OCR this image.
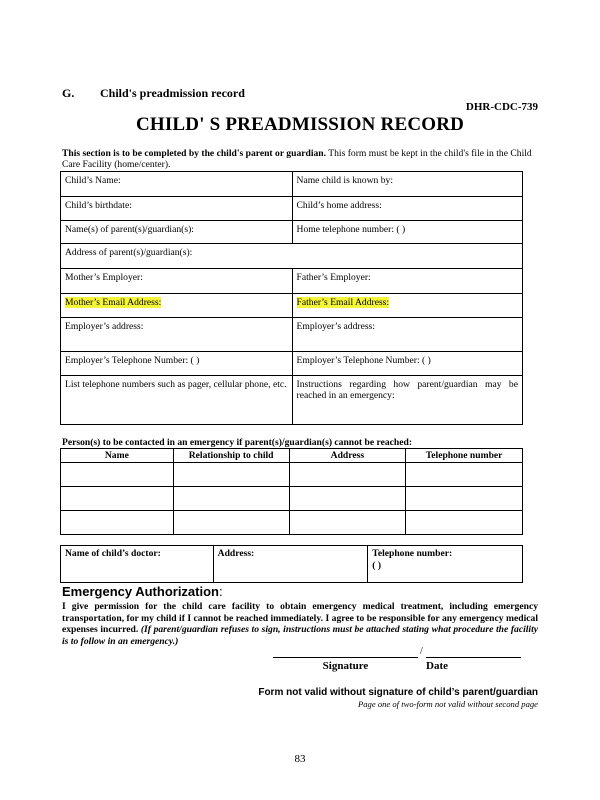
G. Child's preadmission record
DHR-CDC-739
CHILD' S PREADMISSION RECORD
This section is to be completed by the child's parent or guardian. This form must be kept in the child's file in the Child Care Facility (home/center).
Child’s Name:	Name child is known by:
Child’s birthdate:	Child’s home address:
Name(s) of parent(s)/guardian(s):	Home telephone number: ( )
Address of parent(s)/guardian(s):	
Mother’s Employer:	Father’s Employer:
Mother’s Email Address:	Father’s Email Address:
Employer’s address:	Employer’s address:
Employer’s Telephone Number: ( )	Employer’s Telephone Number: ( )
List telephone numbers such as pager, cellular phone, etc.	Instructions regarding how parent/guardian may be reached in an emergency:
Person(s) to be contacted in an emergency if parent(s)/guardian(s) cannot be reached:
Name	Relationship to child	Address	Telephone number

Name of child’s doctor:	Address:	Telephone number:
( )
Emergency Authorization:
I give permission for the child care facility to obtain emergency medical treatment, including emergency transportation, for my child if I cannot be reached immediately. I agree to be responsible for any emergency medical expenses incurred. (If parent/guardian refuses to sign, instructions must be attached stating what procedure the facility is to follow in an emergency.)
/
Signature	Date
Form not valid without signature of child’s parent/guardian
Page one of two-form not valid without second page
83
